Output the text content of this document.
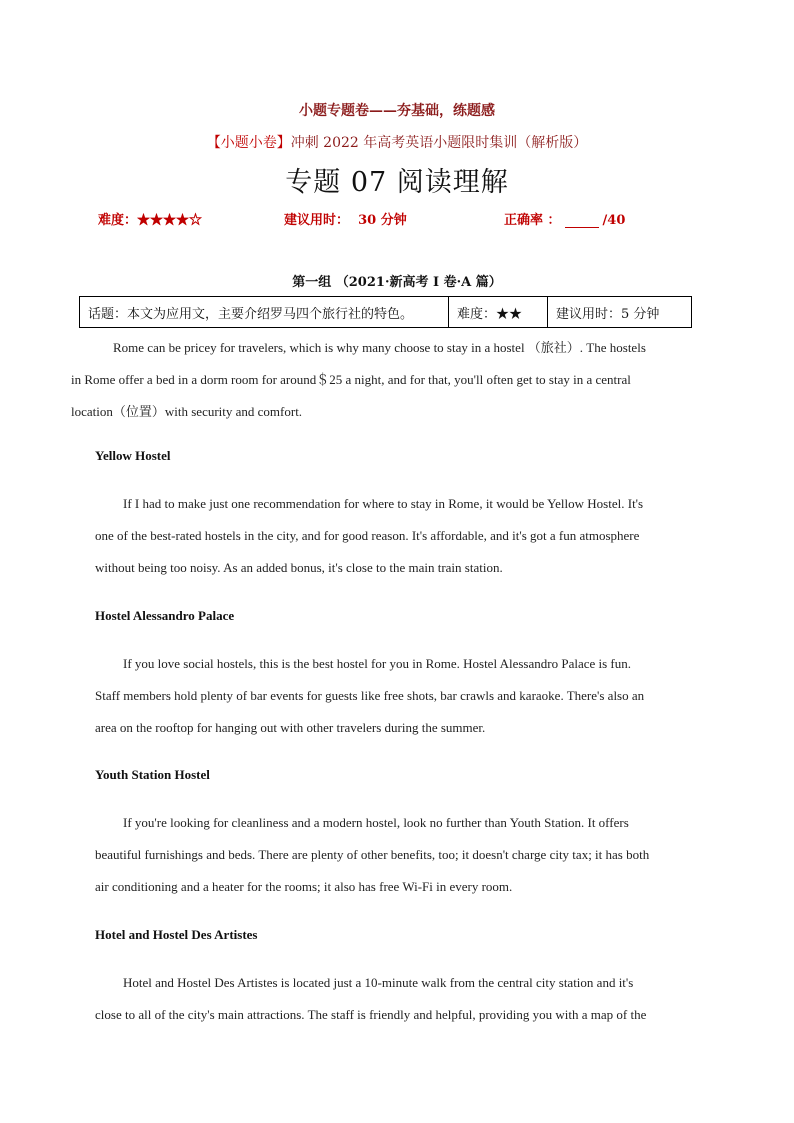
小题专题卷——夯基础，练题感
【小题小卷】冲刺 2022 年高考英语小题限时集训（解析版）
专题 07 阅读理解
难度：★★★★☆	建议用时： 30 分钟	正确率 ：	/40
第一组 （2021·新高考 I 卷·A 篇）
话题：本文为应用文，主要介绍罗马四个旅行社的特色。	难度：★★	建议用时：5 分钟
Rome can be pricey for travelers, which is why many choose to stay in a hostel （旅社）. The hostels
in Rome offer a bed in a dorm room for around＄25 a night, and for that, you'll often get to stay in a central
location（位置）with security and comfort.
Yellow Hostel
If I had to make just one recommendation for where to stay in Rome, it would be Yellow Hostel. It's
one of the best-rated hostels in the city, and for good reason. It's affordable, and it's got a fun atmosphere
without being too noisy. As an added bonus, it's close to the main train station.
Hostel Alessandro Palace
If you love social hostels, this is the best hostel for you in Rome. Hostel Alessandro Palace is fun.
Staff members hold plenty of bar events for guests like free shots, bar crawls and karaoke. There's also an
area on the rooftop for hanging out with other travelers during the summer.
Youth Station Hostel
If you're looking for cleanliness and a modern hostel, look no further than Youth Station. It offers
beautiful furnishings and beds. There are plenty of other benefits, too; it doesn't charge city tax; it has both
air conditioning and a heater for the rooms; it also has free Wi-Fi in every room.
Hotel and Hostel Des Artistes
Hotel and Hostel Des Artistes is located just a 10-minute walk from the central city station and it's
close to all of the city's main attractions. The staff is friendly and helpful, providing you with a map of the
